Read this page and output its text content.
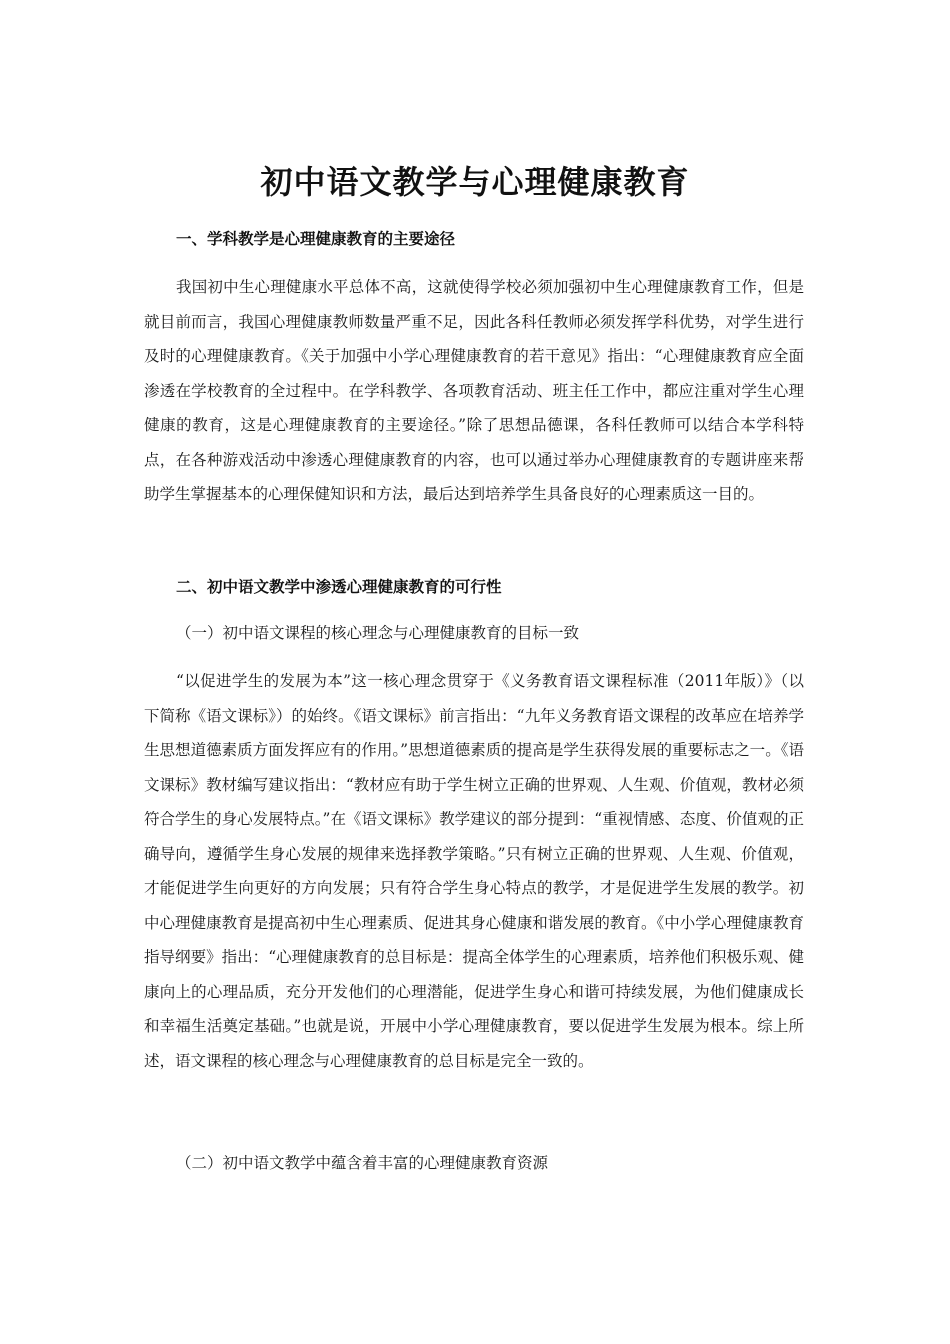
初中语文教学与心理健康教育
一、学科教学是心理健康教育的主要途径

我国初中生心理健康水平总体不高，这就使得学校必须加强初中生心理健康教育工作，但是就目前而言，我国心理健康教师数量严重不足，因此各科任教师必须发挥学科优势，对学生进行及时的心理健康教育。《关于加强中小学心理健康教育的若干意见》指出：“心理健康教育应全面渗透在学校教育的全过程中。在学科教学、各项教育活动、班主任工作中，都应注重对学生心理健康的教育，这是心理健康教育的主要途径。”除了思想品德课，各科任教师可以结合本学科特点，在各种游戏活动中渗透心理健康教育的内容，也可以通过举办心理健康教育的专题讲座来帮助学生掌握基本的心理保健知识和方法，最后达到培养学生具备良好的心理素质这一目的。

二、初中语文教学中渗透心理健康教育的可行性
（一）初中语文课程的核心理念与心理健康教育的目标一致

“以促进学生的发展为本”这一核心理念贯穿于《义务教育语文课程标准（2011年版）》（以下简称《语文课标》）的始终。《语文课标》前言指出：“九年义务教育语文课程的改革应在培养学生思想道德素质方面发挥应有的作用。”思想道德素质的提高是学生获得发展的重要标志之一。《语文课标》教材编写建议指出：“教材应有助于学生树立正确的世界观、人生观、价值观，教材必须符合学生的身心发展特点。”在《语文课标》教学建议的部分提到：“重视情感、态度、价值观的正确导向，遵循学生身心发展的规律来选择教学策略。”只有树立正确的世界观、人生观、价值观，才能促进学生向更好的方向发展；只有符合学生身心特点的教学，才是促进学生发展的教学。初中心理健康教育是提高初中生心理素质、促进其身心健康和谐发展的教育。《中小学心理健康教育指导纲要》指出：“心理健康教育的总目标是：提高全体学生的心理素质，培养他们积极乐观、健康向上的心理品质，充分开发他们的心理潜能，促进学生身心和谐可持续发展，为他们健康成长和幸福生活奠定基础。”也就是说，开展中小学心理健康教育，要以促进学生发展为根本。综上所述，语文课程的核心理念与心理健康教育的总目标是完全一致的。

（二）初中语文教学中蕴含着丰富的心理健康教育资源
